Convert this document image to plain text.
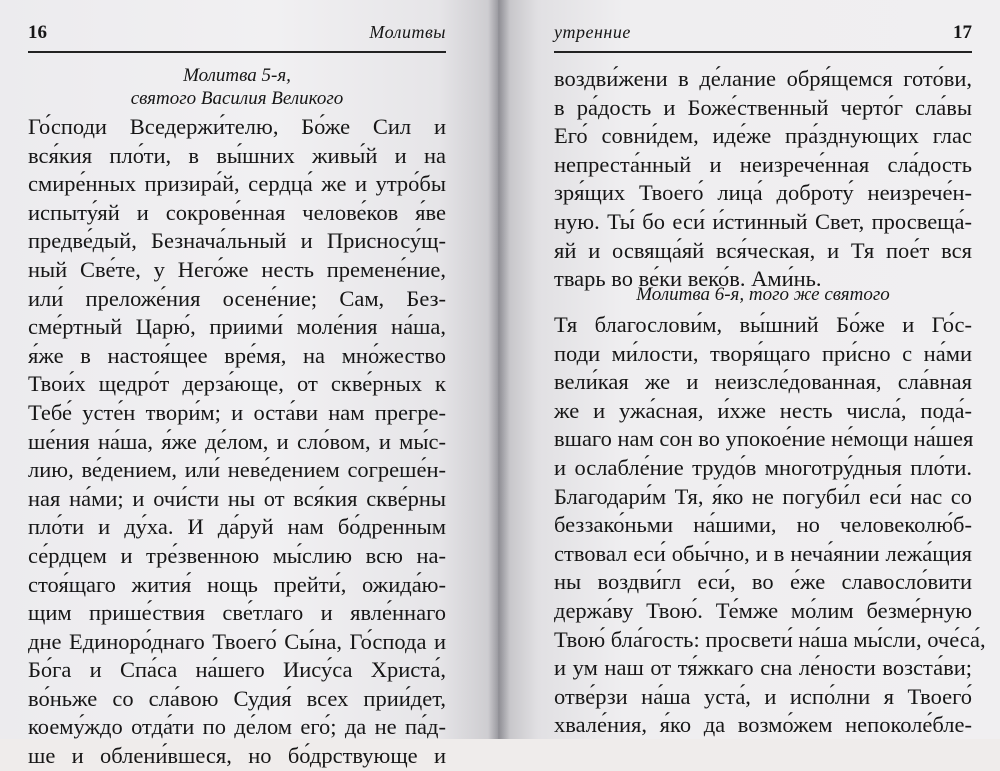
16	Молитвы
Молитва 5-я,
святого Василия Великого
Го́споди Вседержи́телю, Бо́же Сил и
вся́кия пло́ти, в вы́шних живы́й и на
смире́нных призира́й, сердца́ же и утро́бы
испыту́яй и сокрове́нная челове́ков я́ве
предве́дый, Безнача́льный и Присносу́щ-
ный Све́те, у Него́же несть премене́ние,
или́ преложе́ния осене́ние; Сам, Без-
сме́ртный Царю́, приими́ моле́ния на́ша,
я́же в настоя́щее вре́мя, на мно́жество
Твои́х щедро́т дерза́юще, от скве́рных к
Тебе́ усте́н твори́м; и оста́ви нам прегре-
ше́ния на́ша, я́же де́лом, и сло́вом, и мы́с-
лию, ве́дением, или́ неве́дением согреше́н-
ная на́ми; и очи́сти ны от вся́кия скве́рны
пло́ти и ду́ха. И да́руй нам бо́дренным
се́рдцем и тре́звенною мы́слию всю на-
стоя́щаго жития́ нощь прейти́, ожида́ю-
щим прише́ствия све́тлаго и явле́ннаго
дне Единоро́днаго Твоего́ Сы́на, Го́спода и
Бо́га и Спа́са на́шего Иису́са Христа́,
во́ньже со сла́вою Судия́ всех прии́дет,
коему́ждо отда́ти по де́лом его́; да не па́д-
ше и облени́вшеся, но бо́дрствующе и
утренние	17
воздви́жени в де́лание обря́щемся гото́ви,
в ра́дость и Боже́ственный черто́г сла́вы
Его́ совни́дем, иде́же пра́зднующих глас
непреста́нный и неизрече́нная сла́дость
зря́щих Твоего́ лица́ доброту́ неизрече́н-
ную. Ты́ бо еси́ и́стинный Свет, просвеща́-
яй и освяща́яй вся́ческая, и Тя пое́т вся
тварь во ве́ки веко́в. Ами́нь.
Молитва 6-я, того же святого
Тя благослови́м, вы́шний Бо́же и Го́с-
поди ми́лости, творя́щаго при́сно с на́ми
вели́кая же и неизсле́дованная, сла́вная
же и ужа́сная, и́хже несть числа́, пода́-
вшаго нам сон во упокое́ние не́мощи на́шея
и ослабле́ние трудо́в многотру́дныя пло́ти.
Благодари́м Тя, я́ко не погуби́л еси́ нас со
беззако́ньми на́шими, но человеколю́б-
ствовал еси́ обы́чно, и в неча́янии лежа́щия
ны воздви́гл еси́, во е́же славосло́вити
держа́ву Твою́. Те́мже мо́лим безме́рную
Твою́ бла́гость: просвети́ на́ша мы́сли, оче́са́,
и ум наш от тя́жкаго сна ле́ности возста́ви;
отве́рзи на́ша уста́, и испо́лни я Твоего́
хвале́ния, я́ко да возмо́жем непоколе́бле-
